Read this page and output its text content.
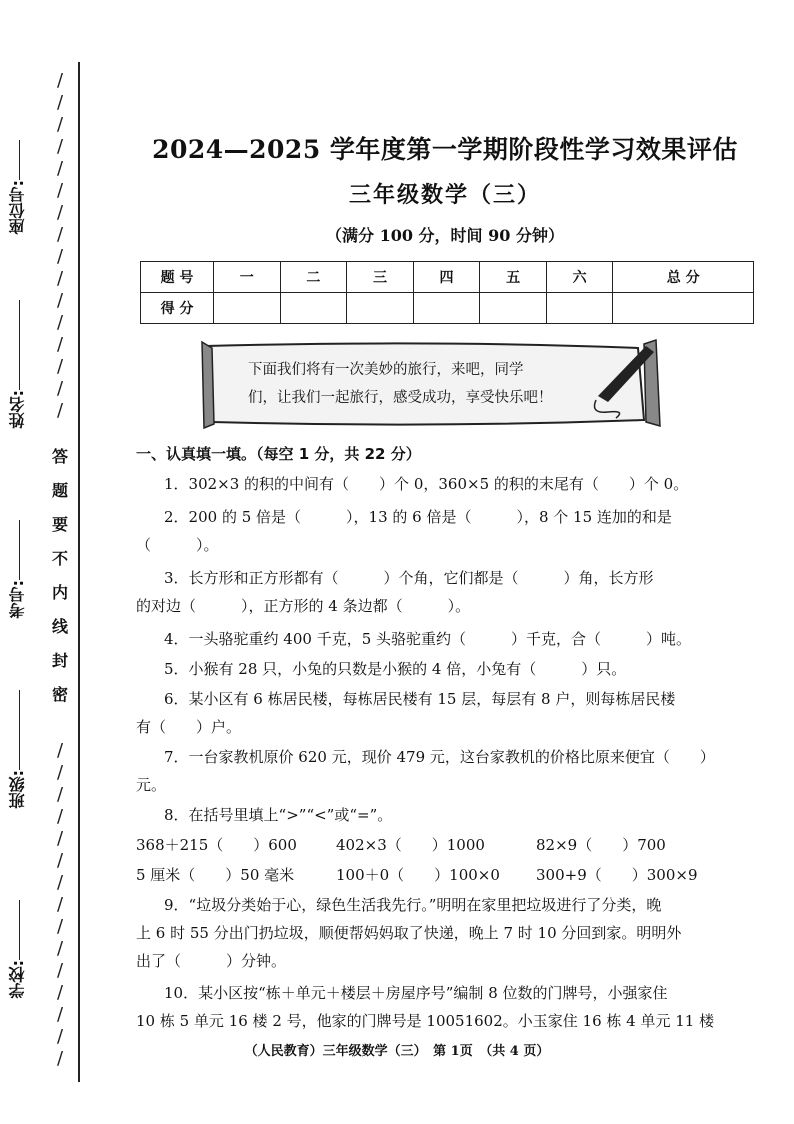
座位号:
姓名:
考号:
班级:
学校:
/
/
/
/
/
/
/
/
/
/
/
/
/
/
/
/
答
题
要
不
内
线
封
密
/
/
/
/
/
/
/
/
/
/
/
/
/
/
/
2024—2025 学年度第一学期阶段性学习效果评估
三年级数学（三）
（满分 100 分，时间 90 分钟）
题 号	一	二	三	四	五	六	总 分
得 分							
下面我们将有一次美妙的旅行，来吧，同学
们，让我们一起旅行，感受成功，享受快乐吧！
一、认真填一填。（每空 1 分，共 22 分）
1．302×3 的积的中间有（　　）个 0，360×5 的积的末尾有（　　）个 0。
2．200 的 5 倍是（　　　），13 的 6 倍是（　　　），8 个 15 连加的和是
（　　　）。
3．长方形和正方形都有（　　　）个角，它们都是（　　　）角，长方形
的对边（　　　），正方形的 4 条边都（　　　）。
4．一头骆驼重约 400 千克，5 头骆驼重约（　　　）千克，合（　　　）吨。
5．小猴有 28 只，小兔的只数是小猴的 4 倍，小兔有（　　　）只。
6．某小区有 6 栋居民楼，每栋居民楼有 15 层，每层有 8 户，则每栋居民楼
有（　　）户。
7．一台家教机原价 620 元，现价 479 元，这台家教机的价格比原来便宜（　　）
元。
8．在括号里填上“>”“<”或“=”。
368＋215（　　）600	402×3（　　）1000	82×9（　　）700
5 厘米（　　）50 毫米	100＋0（　　）100×0 300+9（　　）300×9
9．“垃圾分类始于心，绿色生活我先行。”明明在家里把垃圾进行了分类，晚
上 6 时 55 分出门扔垃圾，顺便帮妈妈取了快递，晚上 7 时 10 分回到家。明明外
出了（　　　）分钟。
10．某小区按“栋＋单元＋楼层＋房屋序号”编制 8 位数的门牌号，小强家住
10 栋 5 单元 16 楼 2 号，他家的门牌号是 10051602。小玉家住 16 栋 4 单元 11 楼
（人民教育）三年级数学（三）　第 1页　（共 4 页）
